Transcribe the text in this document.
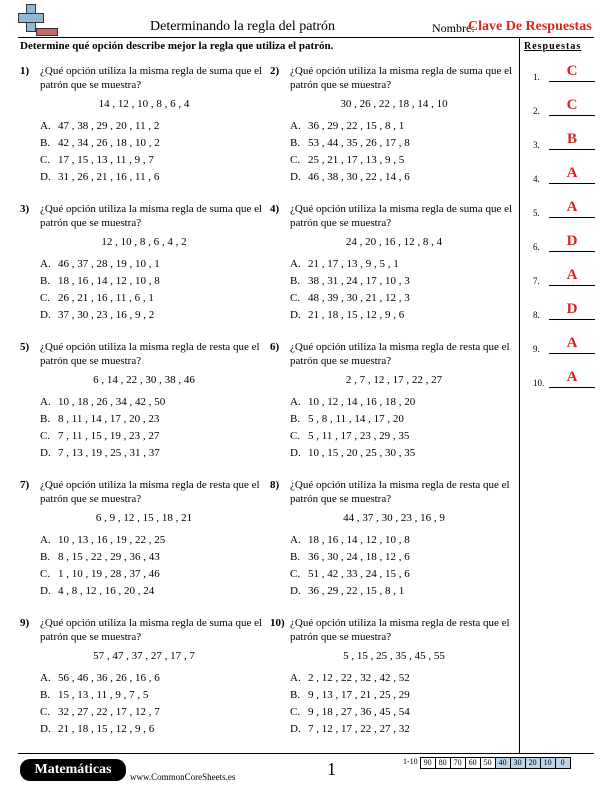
Determinando la regla del patrón	Nombre:
Clave De Respuestas
Determine qué opción describe mejor la regla que utiliza el patrón.	Respuestas
1) ¿Qué opción utiliza la misma regla de suma que el patrón que se muestra?
14 , 12 , 10 , 8 , 6 , 4
A. 47 , 38 , 29 , 20 , 11 , 2
B. 42 , 34 , 26 , 18 , 10 , 2
C. 17 , 15 , 13 , 11 , 9 , 7
D. 31 , 26 , 21 , 16 , 11 , 6
2) ¿Qué opción utiliza la misma regla de suma que el patrón que se muestra?
30 , 26 , 22 , 18 , 14 , 10
A. 36 , 29 , 22 , 15 , 8 , 1
B. 53 , 44 , 35 , 26 , 17 , 8
C. 25 , 21 , 17 , 13 , 9 , 5
D. 46 , 38 , 30 , 22 , 14 , 6
3) ¿Qué opción utiliza la misma regla de suma que el patrón que se muestra?
12 , 10 , 8 , 6 , 4 , 2
A. 46 , 37 , 28 , 19 , 10 , 1
B. 18 , 16 , 14 , 12 , 10 , 8
C. 26 , 21 , 16 , 11 , 6 , 1
D. 37 , 30 , 23 , 16 , 9 , 2
4) ¿Qué opción utiliza la misma regla de suma que el patrón que se muestra?
24 , 20 , 16 , 12 , 8 , 4
A. 21 , 17 , 13 , 9 , 5 , 1
B. 38 , 31 , 24 , 17 , 10 , 3
C. 48 , 39 , 30 , 21 , 12 , 3
D. 21 , 18 , 15 , 12 , 9 , 6
5) ¿Qué opción utiliza la misma regla de resta que el patrón que se muestra?
6 , 14 , 22 , 30 , 38 , 46
A. 10 , 18 , 26 , 34 , 42 , 50
B. 8 , 11 , 14 , 17 , 20 , 23
C. 7 , 11 , 15 , 19 , 23 , 27
D. 7 , 13 , 19 , 25 , 31 , 37
6) ¿Qué opción utiliza la misma regla de resta que el patrón que se muestra?
2 , 7 , 12 , 17 , 22 , 27
A. 10 , 12 , 14 , 16 , 18 , 20
B. 5 , 8 , 11 , 14 , 17 , 20
C. 5 , 11 , 17 , 23 , 29 , 35
D. 10 , 15 , 20 , 25 , 30 , 35
7) ¿Qué opción utiliza la misma regla de resta que el patrón que se muestra?
6 , 9 , 12 , 15 , 18 , 21
A. 10 , 13 , 16 , 19 , 22 , 25
B. 8 , 15 , 22 , 29 , 36 , 43
C. 1 , 10 , 19 , 28 , 37 , 46
D. 4 , 8 , 12 , 16 , 20 , 24
8) ¿Qué opción utiliza la misma regla de resta que el patrón que se muestra?
44 , 37 , 30 , 23 , 16 , 9
A. 18 , 16 , 14 , 12 , 10 , 8
B. 36 , 30 , 24 , 18 , 12 , 6
C. 51 , 42 , 33 , 24 , 15 , 6
D. 36 , 29 , 22 , 15 , 8 , 1
9) ¿Qué opción utiliza la misma regla de suma que el patrón que se muestra?
57 , 47 , 37 , 27 , 17 , 7
A. 56 , 46 , 36 , 26 , 16 , 6
B. 15 , 13 , 11 , 9 , 7 , 5
C. 32 , 27 , 22 , 17 , 12 , 7
D. 21 , 18 , 15 , 12 , 9 , 6
10) ¿Qué opción utiliza la misma regla de resta que el patrón que se muestra?
5 , 15 , 25 , 35 , 45 , 55
A. 2 , 12 , 22 , 32 , 42 , 52
B. 9 , 13 , 17 , 21 , 25 , 29
C. 9 , 18 , 27 , 36 , 45 , 54
D. 7 , 12 , 17 , 22 , 27 , 32
1.	C
2.	C
3.	B
4.	A
5.	A
6.	D
7.	A
8.	D
9.	A
10.	A
Matemáticas	www.CommonCoreSheets.es	1	1-10 90 80 70 60 50 40 30 20 10	0
